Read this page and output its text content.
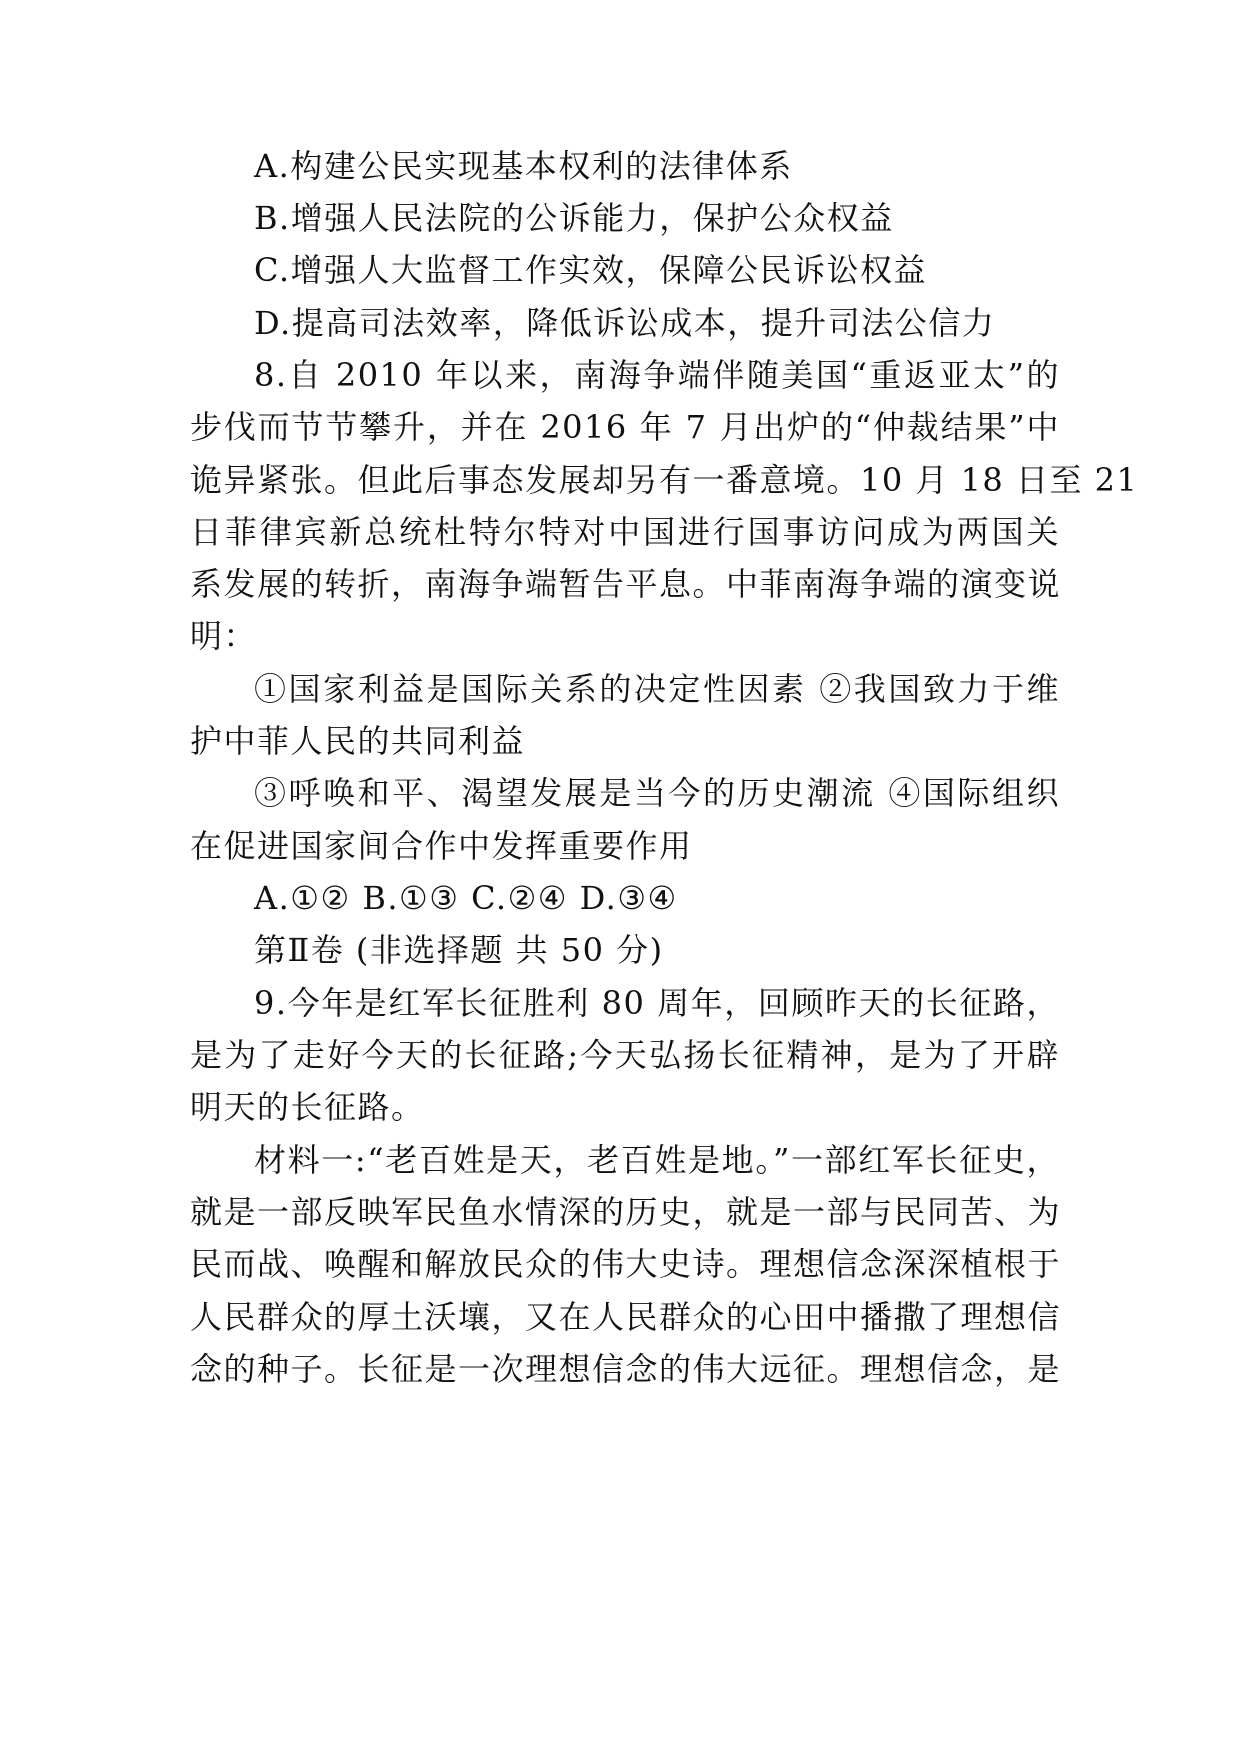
A.构建公民实现基本权利的法律体系
B.增强人民法院的公诉能力，保护公众权益
C.增强人大监督工作实效，保障公民诉讼权益
D.提高司法效率，降低诉讼成本，提升司法公信力
8.自 2010 年以来，南海争端伴随美国“重返亚太”的
步伐而节节攀升，并在 2016 年 7 月出炉的“仲裁结果”中
诡异紧张。但此后事态发展却另有一番意境。10 月 18 日至 21
日菲律宾新总统杜特尔特对中国进行国事访问成为两国关
系发展的转折，南海争端暂告平息。中菲南海争端的演变说
明：
①国家利益是国际关系的决定性因素 ②我国致力于维
护中菲人民的共同利益
③呼唤和平、渴望发展是当今的历史潮流 ④国际组织
在促进国家间合作中发挥重要作用
A.①② B.①③ C.②④ D.③④
第Ⅱ卷 (非选择题 共 50 分)
9.今年是红军长征胜利 80 周年，回顾昨天的长征路，
是为了走好今天的长征路;今天弘扬长征精神，是为了开辟
明天的长征路。
材料一:“老百姓是天，老百姓是地。”一部红军长征史，
就是一部反映军民鱼水情深的历史，就是一部与民同苦、为
民而战、唤醒和解放民众的伟大史诗。理想信念深深植根于
人民群众的厚土沃壤，又在人民群众的心田中播撒了理想信
念的种子。长征是一次理想信念的伟大远征。理想信念，是
